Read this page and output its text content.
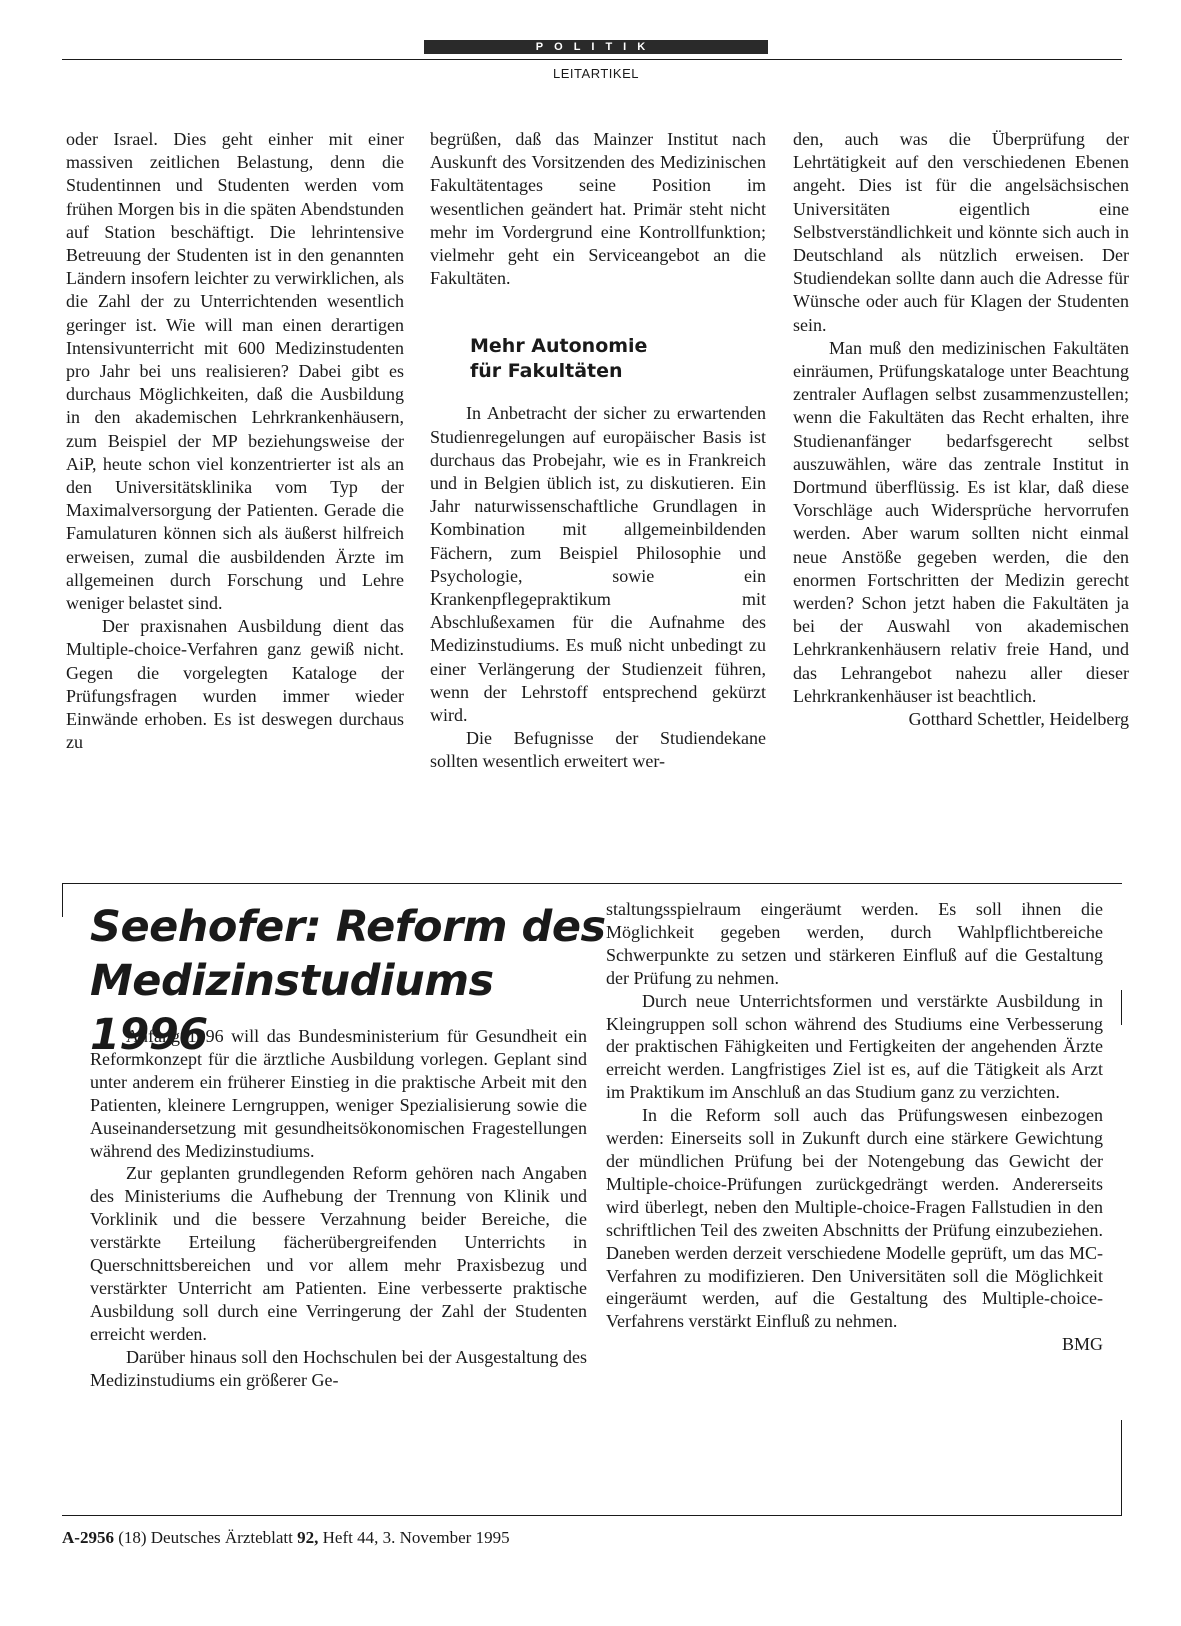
POLITIK
LEITARTIKEL

oder Israel. Dies geht einher mit einer massiven zeitlichen Belastung, denn die Studentinnen und Studenten werden vom frühen Morgen bis in die späten Abendstunden auf Station beschäftigt. Die lehrintensive Betreuung der Studenten ist in den genannten Ländern insofern leichter zu verwirklichen, als die Zahl der zu Unterrichtenden wesentlich geringer ist. Wie will man einen derartigen Intensivunterricht mit 600 Medizinstudenten pro Jahr bei uns realisieren? Dabei gibt es durchaus Möglichkeiten, daß die Ausbildung in den akademischen Lehrkrankenhäusern, zum Beispiel der MP beziehungsweise der AiP, heute schon viel konzentrierter ist als an den Universitätsklinika vom Typ der Maximalversorgung der Patienten. Gerade die Famulaturen können sich als äußerst hilfreich erweisen, zumal die ausbildenden Ärzte im allgemeinen durch Forschung und Lehre weniger belastet sind.

Der praxisnahen Ausbildung dient das Multiple-choice-Verfahren ganz gewiß nicht. Gegen die vorgelegten Kataloge der Prüfungsfragen wurden immer wieder Einwände erhoben. Es ist deswegen durchaus zu

begrüßen, daß das Mainzer Institut nach Auskunft des Vorsitzenden des Medizinischen Fakultätentages seine Position im wesentlichen geändert hat. Primär steht nicht mehr im Vordergrund eine Kontrollfunktion; vielmehr geht ein Serviceangebot an die Fakultäten.

Mehr Autonomie
für Fakultäten

In Anbetracht der sicher zu erwartenden Studienregelungen auf europäischer Basis ist durchaus das Probejahr, wie es in Frankreich und in Belgien üblich ist, zu diskutieren. Ein Jahr naturwissenschaftliche Grundlagen in Kombination mit allgemeinbildenden Fächern, zum Beispiel Philosophie und Psychologie, sowie ein Krankenpflegepraktikum mit Abschlußexamen für die Aufnahme des Medizinstudiums. Es muß nicht unbedingt zu einer Verlängerung der Studienzeit führen, wenn der Lehrstoff entsprechend gekürzt wird.

Die Befugnisse der Studiendekane sollten wesentlich erweitert wer-

den, auch was die Überprüfung der Lehrtätigkeit auf den verschiedenen Ebenen angeht. Dies ist für die angelsächsischen Universitäten eigentlich eine Selbstverständlichkeit und könnte sich auch in Deutschland als nützlich erweisen. Der Studiendekan sollte dann auch die Adresse für Wünsche oder auch für Klagen der Studenten sein.

Man muß den medizinischen Fakultäten einräumen, Prüfungskataloge unter Beachtung zentraler Auflagen selbst zusammenzustellen; wenn die Fakultäten das Recht erhalten, ihre Studienanfänger bedarfsgerecht selbst auszuwählen, wäre das zentrale Institut in Dortmund überflüssig. Es ist klar, daß diese Vorschläge auch Widersprüche hervorrufen werden. Aber warum sollten nicht einmal neue Anstöße gegeben werden, die den enormen Fortschritten der Medizin gerecht werden? Schon jetzt haben die Fakultäten ja bei der Auswahl von akademischen Lehrkrankenhäusern relativ freie Hand, und das Lehrangebot nahezu aller dieser Lehrkrankenhäuser ist beachtlich.

Gotthard Schettler, Heidelberg

Seehofer: Reform des
Medizinstudiums 1996

Anfang 1996 will das Bundesministerium für Gesundheit ein Reformkonzept für die ärztliche Ausbildung vorlegen. Geplant sind unter anderem ein früherer Einstieg in die praktische Arbeit mit den Patienten, kleinere Lerngruppen, weniger Spezialisierung sowie die Auseinandersetzung mit gesundheitsökonomischen Fragestellungen während des Medizinstudiums.

Zur geplanten grundlegenden Reform gehören nach Angaben des Ministeriums die Aufhebung der Trennung von Klinik und Vorklinik und die bessere Verzahnung beider Bereiche, die verstärkte Erteilung fächerübergreifenden Unterrichts in Querschnittsbereichen und vor allem mehr Praxisbezug und verstärkter Unterricht am Patienten. Eine verbesserte praktische Ausbildung soll durch eine Verringerung der Zahl der Studenten erreicht werden.

Darüber hinaus soll den Hochschulen bei der Ausgestaltung des Medizinstudiums ein größerer Ge-

staltungsspielraum eingeräumt werden. Es soll ihnen die Möglichkeit gegeben werden, durch Wahlpflichtbereiche Schwerpunkte zu setzen und stärkeren Einfluß auf die Gestaltung der Prüfung zu nehmen.

Durch neue Unterrichtsformen und verstärkte Ausbildung in Kleingruppen soll schon während des Studiums eine Verbesserung der praktischen Fähigkeiten und Fertigkeiten der angehenden Ärzte erreicht werden. Langfristiges Ziel ist es, auf die Tätigkeit als Arzt im Praktikum im Anschluß an das Studium ganz zu verzichten.

In die Reform soll auch das Prüfungswesen einbezogen werden: Einerseits soll in Zukunft durch eine stärkere Gewichtung der mündlichen Prüfung bei der Notengebung das Gewicht der Multiple-choice-Prüfungen zurückgedrängt werden. Andererseits wird überlegt, neben den Multiple-choice-Fragen Fallstudien in den schriftlichen Teil des zweiten Abschnitts der Prüfung einzubeziehen. Daneben werden derzeit verschiedene Modelle geprüft, um das MC-Verfahren zu modifizieren. Den Universitäten soll die Möglichkeit eingeräumt werden, auf die Gestaltung des Multiple-choice-Verfahrens verstärkt Einfluß zu nehmen.

BMG

A-2956 (18) Deutsches Ärzteblatt 92, Heft 44, 3. November 1995
